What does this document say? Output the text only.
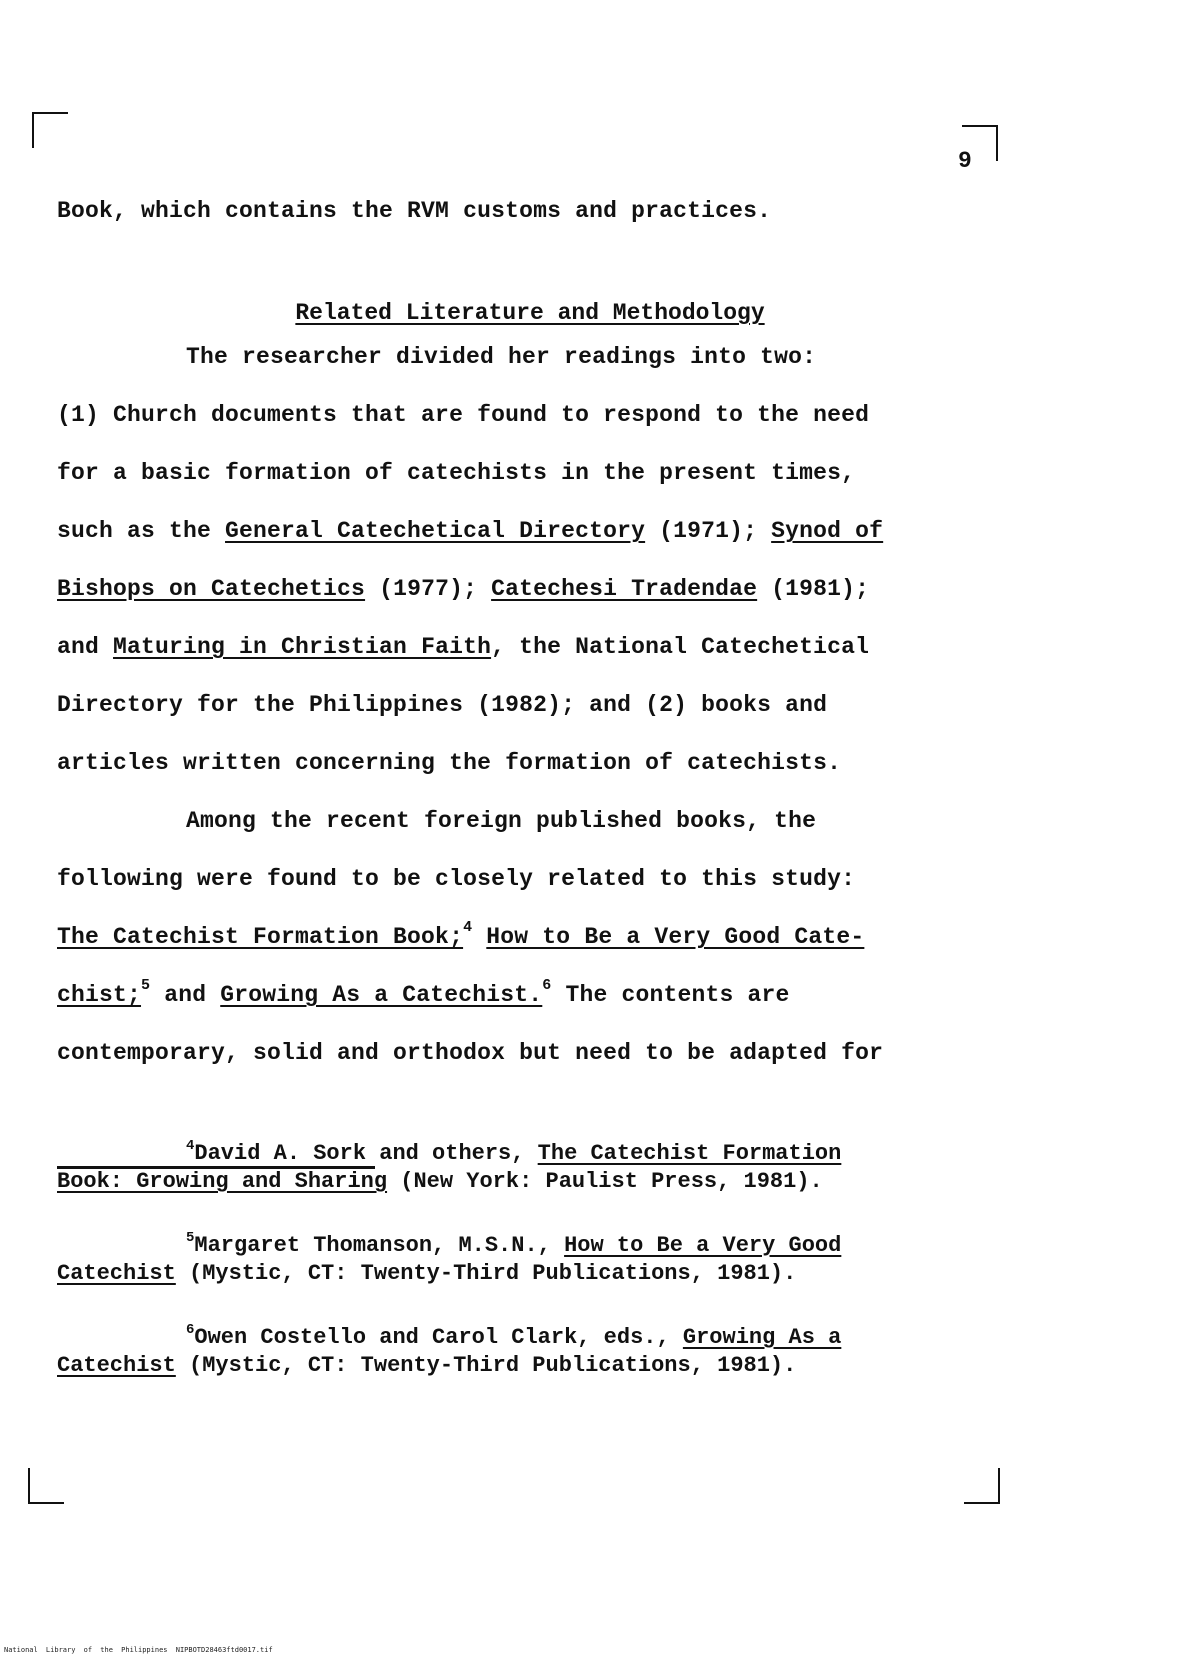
9
Book, which contains the RVM customs and practices.
Related Literature and Methodology
The researcher divided her readings into two:
(1) Church documents that are found to respond to the need
for a basic formation of catechists in the present times,
such as the General Catechetical Directory (1971); Synod of
Bishops on Catechetics (1977); Catechesi Tradendae (1981);
and Maturing in Christian Faith, the National Catechetical
Directory for the Philippines (1982); and (2) books and
articles written concerning the formation of catechists.
Among the recent foreign published books, the
following were found to be closely related to this study:
The Catechist Formation Book;$^4$ How to Be a Very Good Cate-
chist;$^5$ and Growing As a Catechist.$^6$ The contents are
contemporary, solid and orthodox but need to be adapted for
$^4$David A. Sork and others, The Catechist Formation
Book: Growing and Sharing (New York: Paulist Press, 1981).
$^5$Margaret Thomanson, M.S.N., How to Be a Very Good
Catechist (Mystic, CT: Twenty-Third Publications, 1981).
$^6$Owen Costello and Carol Clark, eds., Growing As a
Catechist (Mystic, CT: Twenty-Third Publications, 1981).
National Library of the Philippines NIPBOTD28463ftd0017.tif
